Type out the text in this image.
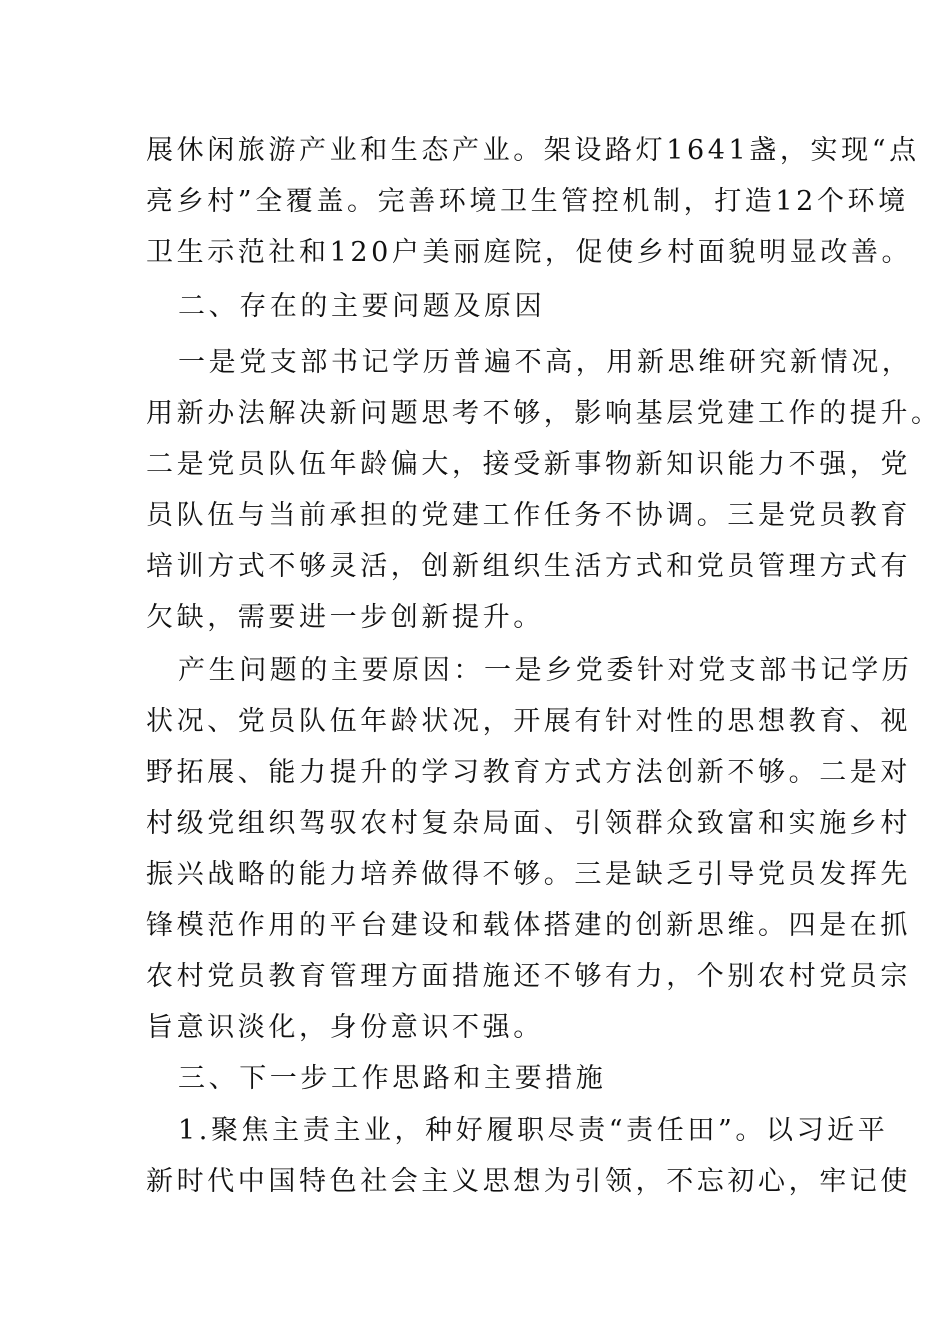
展休闲旅游产业和生态产业。架设路灯1641盏，实现“点
亮乡村”全覆盖。完善环境卫生管控机制，打造12个环境
卫生示范社和120户美丽庭院，促使乡村面貌明显改善。
二、存在的主要问题及原因
一是党支部书记学历普遍不高，用新思维研究新情况，
用新办法解决新问题思考不够，影响基层党建工作的提升。
二是党员队伍年龄偏大，接受新事物新知识能力不强，党
员队伍与当前承担的党建工作任务不协调。三是党员教育
培训方式不够灵活，创新组织生活方式和党员管理方式有
欠缺，需要进一步创新提升。
产生问题的主要原因：一是乡党委针对党支部书记学历
状况、党员队伍年龄状况，开展有针对性的思想教育、视
野拓展、能力提升的学习教育方式方法创新不够。二是对
村级党组织驾驭农村复杂局面、引领群众致富和实施乡村
振兴战略的能力培养做得不够。三是缺乏引导党员发挥先
锋模范作用的平台建设和载体搭建的创新思维。四是在抓
农村党员教育管理方面措施还不够有力，个别农村党员宗
旨意识淡化，身份意识不强。
三、下一步工作思路和主要措施
1.聚焦主责主业，种好履职尽责“责任田”。以习近平
新时代中国特色社会主义思想为引领，不忘初心，牢记使
